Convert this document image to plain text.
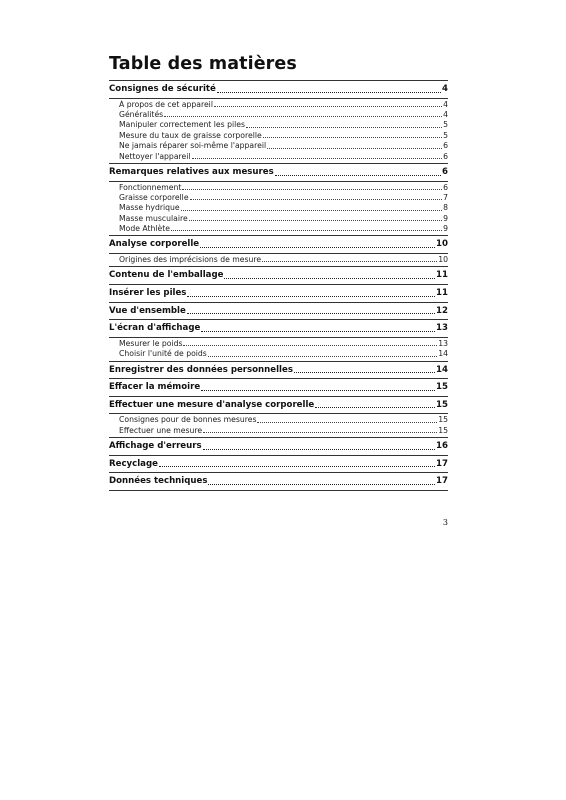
Table des matières
Consignes de sécurité	4
À propos de cet appareil	4
Généralités	4
Manipuler correctement les piles	5
Mesure du taux de graisse corporelle	5
Ne jamais réparer soi-même l'appareil	6
Nettoyer l'appareil	6
Remarques relatives aux mesures	6
Fonctionnement	6
Graisse corporelle	7
Masse hydrique	8
Masse musculaire	9
Mode Athlète	9
Analyse corporelle	10
Origines des imprécisions de mesure	10
Contenu de l'emballage	11
Insérer les piles	11
Vue d'ensemble	12
L'écran d'affichage	13
Mesurer le poids	13
Choisir l'unité de poids	14
Enregistrer des données personnelles	14
Effacer la mémoire	15
Effectuer une mesure d'analyse corporelle	15
Consignes pour de bonnes mesures	15
Effectuer une mesure	15
Affichage d'erreurs	16
Recyclage	17
Données techniques	17
3
